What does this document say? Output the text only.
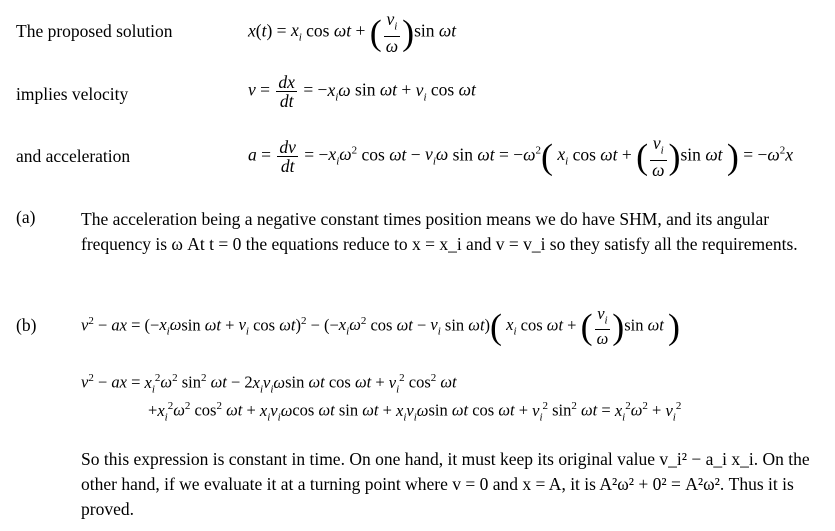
The proposed solution
implies velocity
and acceleration
$x(t) = x_i$ cos ωt + ( $\frac{v_i}{\omega} )\sin$ ωt
$v = \frac{dx}{dt} = -x_i\omega$ $\sin \omega t + v_i$ cos ωt
$a = \frac{dv}{dt} = -x_i\omega^2$ $\cos \omega t - v_i\omega$ $\sin \omega t = -\omega^2$( $x_i$ cos ωt + ( $\frac{v_i}{\omega} )\sin$ ωt ) = $-\omega^2x$
(a)	The acceleration being a negative constant times position means we do have SHM, and its angular frequency is ω At t = 0 the equations reduce to x = x_i and v = v_i so they satisfy all the requirements.
(b)	$v^2$ − ax = ($-x_i\omega\sin$ $\omega t + v_i$ $\cos \omega t)^2 - (-x_i\omega^2$ $\cos \omega t - v_i$ sin ωt)( $x_i$ cos ωt + ( $\frac{v_i}{\omega} )\sin$ ωt )
$v^2$ − ax = $x_i^2\omega^2$ $\sin^2 \omega t - 2x_iv_i\omega\sin$ ωt $\cos \omega t + v_i^2$ $\cos^2 \omega t$
$+x_i^2\omega^2$ $\cos^2 \omega t + x_iv_i\omega\cos$ ωt $\sin \omega t + x_iv_i\omega\sin$ ωt $\cos \omega t + v_i^2$ $\sin^2 \omega t = x_i^2\omega^2 + v_i^2$
So this expression is constant in time. On one hand, it must keep its original value v_i² − a_i x_i. On the other hand, if we evaluate it at a turning point where v = 0 and x = A, it is A²ω² + 0² = A²ω². Thus it is proved.
